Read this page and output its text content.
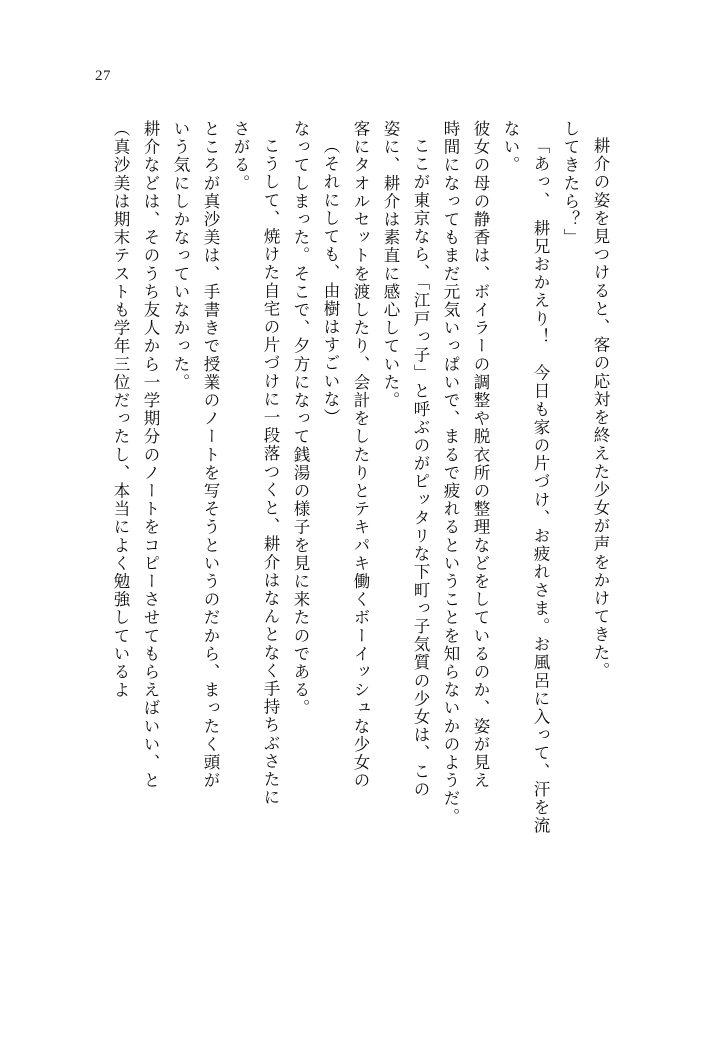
27
（真沙美は期末テストも学年三位だったし、本当によく勉強しているよ 耕介などは、そのうち友人から一学期分のノートをコピーさせてもらえばいい、と いう気にしかなっていなかった。 ところが真沙美は、手書きで授業のノートを写そうというのだから、まったく頭が さがる。 こうして、焼けた自宅の片づけに一段落つくと、耕介はなんとなく手持ちぶさたに なってしまった。そこで、夕方になって銭湯の様子を見に来たのである。 （それにしても、由樹はすごいな） 客にタオルセットを渡したり、会計をしたりとテキパキ働くボーイッシュな少女の 姿に、耕介は素直に感心していた。 ここが東京なら、「江戸っ子」と呼ぶのがピッタリな下町っ子気質の少女は、この 時間になってもまだ元気いっぱいで、まるで疲れるということを知らないかのようだ。 彼女の母の静香は、ボイラーの調整や脱衣所の整理などをしているのか、姿が見え ない。 「あっ、　耕兄おかえり！　今日も家の片づけ、お疲れさま。お風呂に入って、汗を流 してきたら？」 耕介の姿を見つけると、客の応対を終えた少女が声をかけてきた。
